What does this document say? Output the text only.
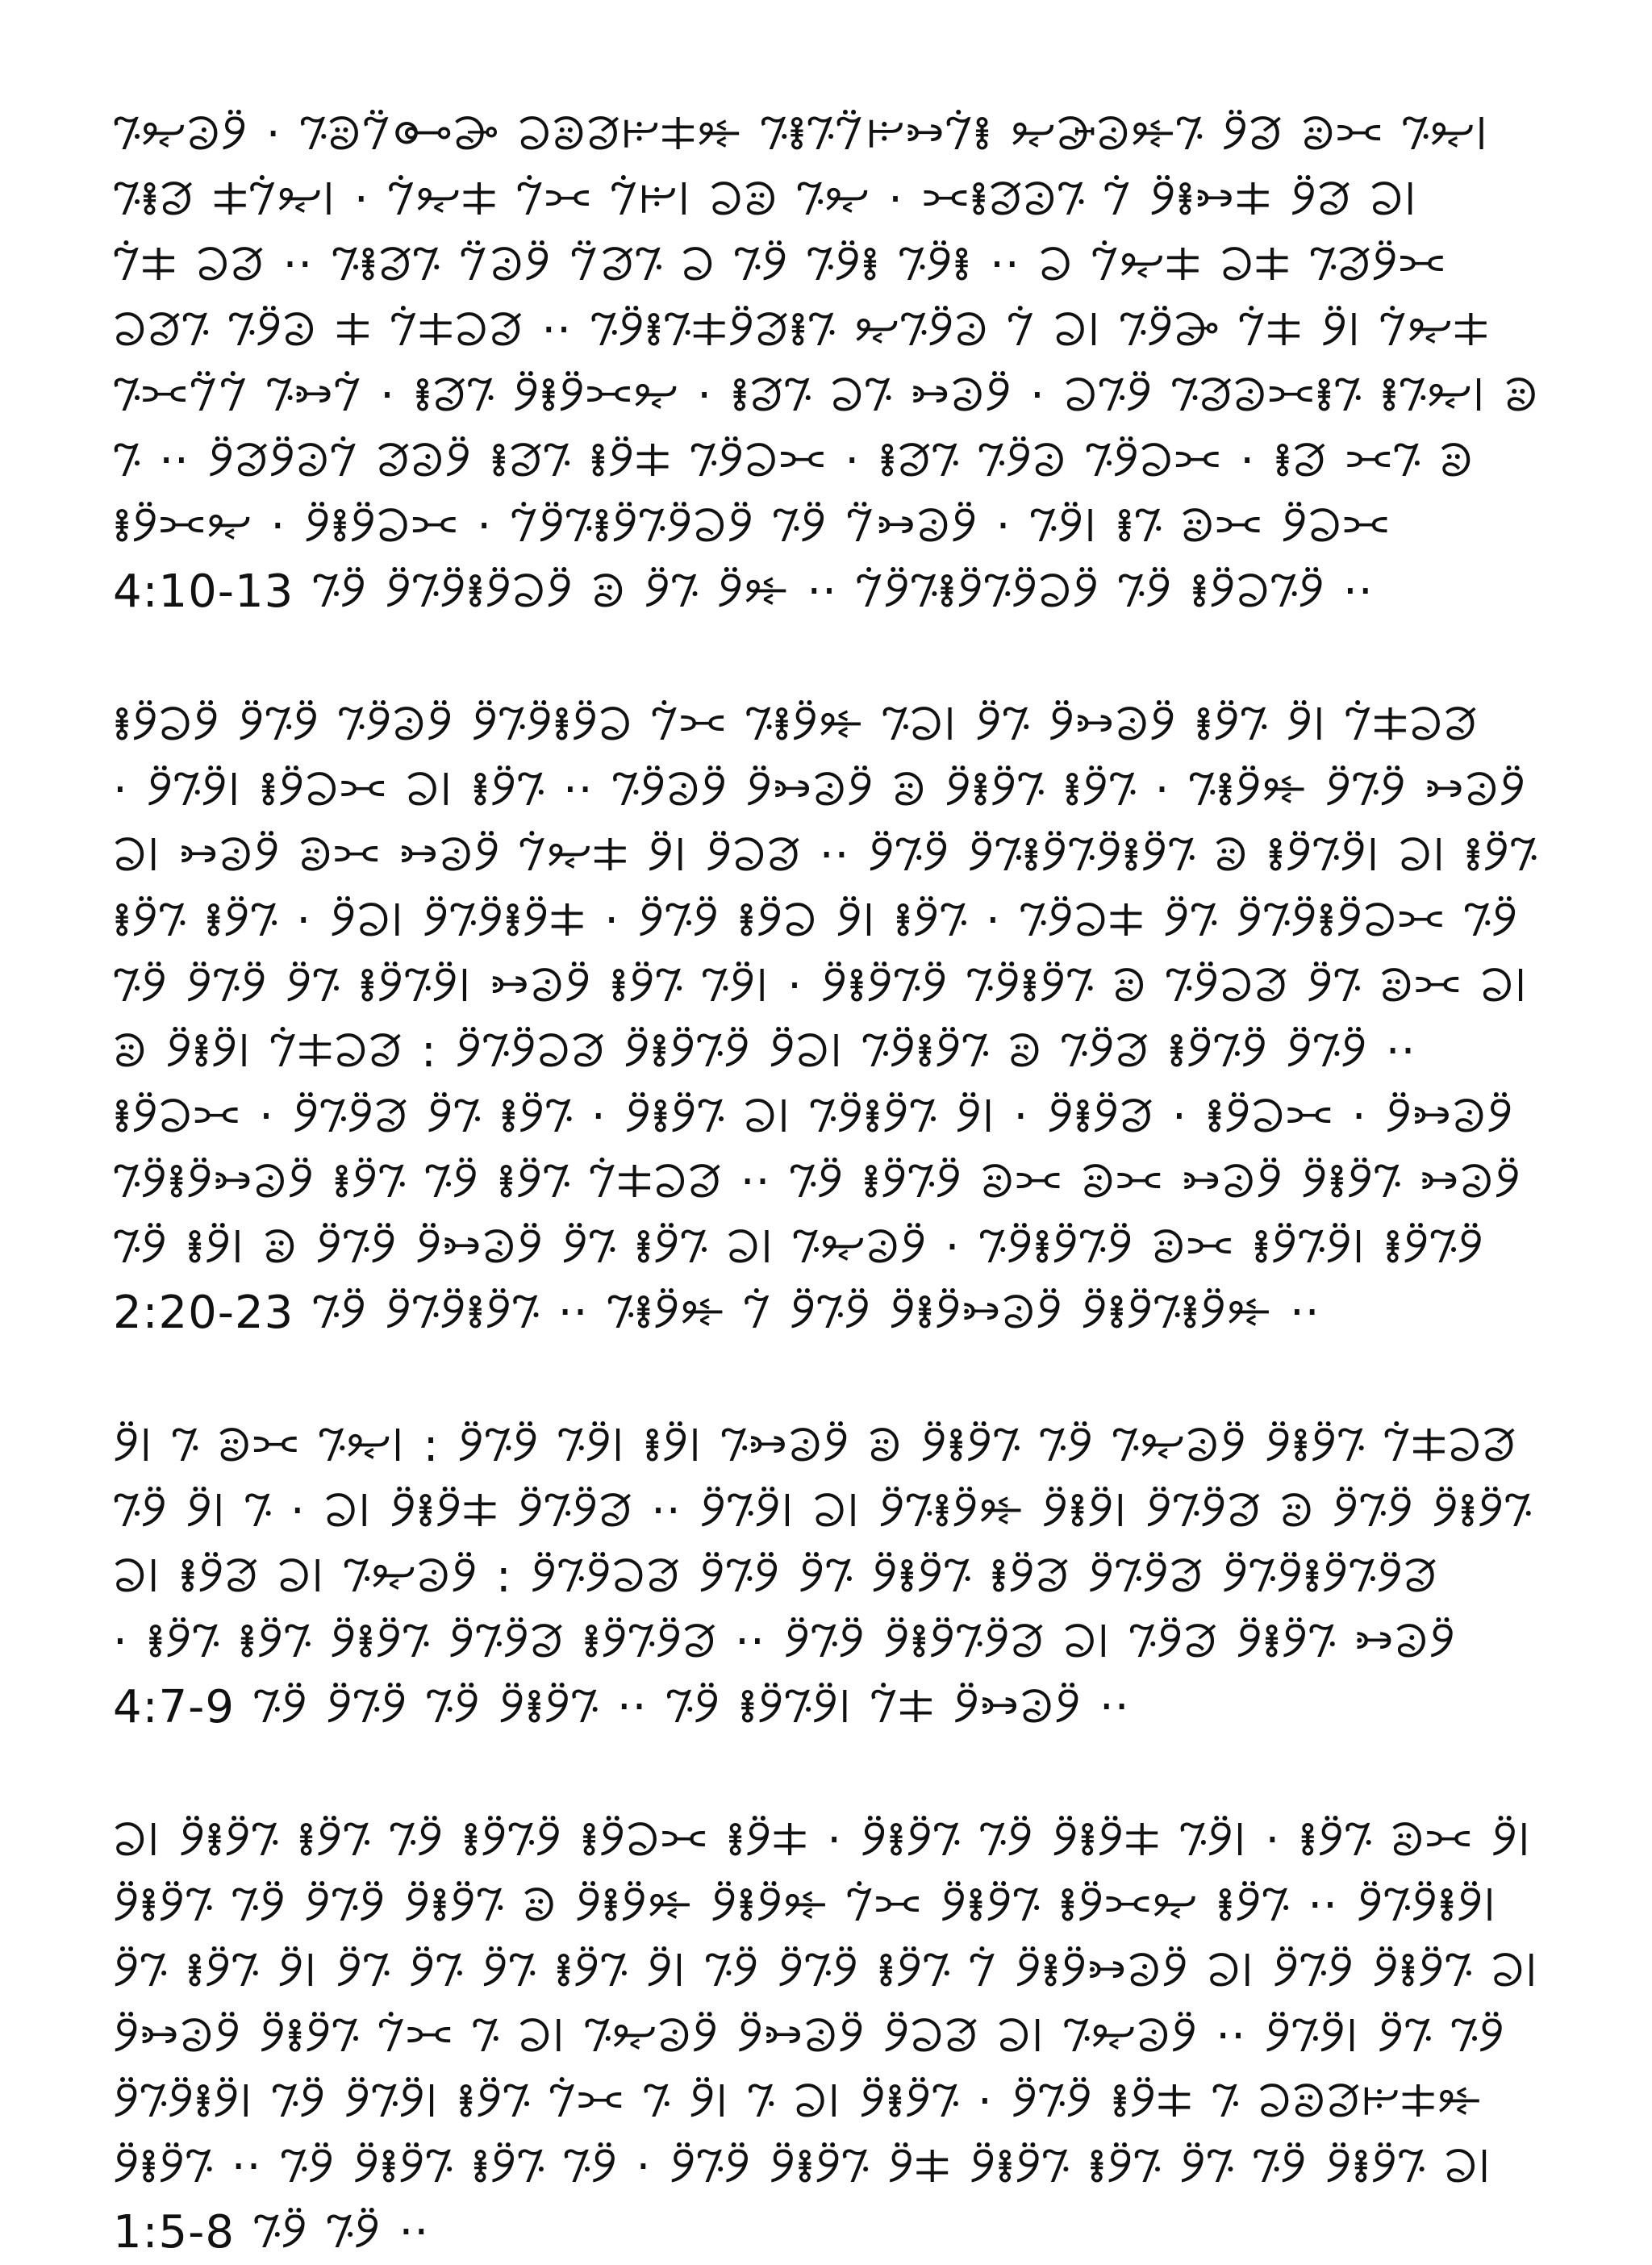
𞠢𞠌𞠃 𞠅𞠊 𞠎𞠆 𞠃𞠏𞠉𞠒𞠌 𞠇𞠁𞠄𞠋𞠂𞠃𞠇𞠃 𞠏𞠍𞠋𞠎𞠊𞠈 𞠐𞠑𞠂𞠊𞠃 · 𞠆𞠉𞠌𞠃 𞠢𞠈 𞠎𞠆 𞠍𞠄𞠇𞠆 𞠁 𞠃𞠉𞠎𞠇𞠅 · 𞠌𞠃 𞠊𞠈 𞠢𞠋𞠁 𞠅𞠁 𞠍𞠌𞠁 · 𞠢𞠌𞠁𞠍 𞠎𞠇𞠃 𞠅𞠆𞠎𞠃 𞠍𞠈 𞠍𞠌𞠁 𞠈 ·· 𞠇𞠆𞠃 𞠇𞠆𞠃 𞠆𞠃 𞠈 𞠃𞠎𞠂 𞠆𞠉𞠂 𞠃𞠎𞠇𞠃 ·· 𞠎𞠈 𞠍𞠁 𞠍𞠌𞠁 𞠢𞠆 𞠍𞠁 𞠐𞠆𞠃 𞠢𞠈 𞠁 𞠉𞠆𞠃𞠌 𞠃𞠇𞠎𞠆𞠍𞠃𞠇𞠆𞠃 ·· 𞠎𞠈𞠍𞠁 𞠍 𞠉𞠆𞠃 𞠃𞠎𞠈 𞠊 𞠢𞠌𞠃𞠇 𞠃𞠇𞠅𞠉𞠎𞠃 𞠆𞠃𞠈 · 𞠆𞠉𞠄 𞠃𞠈 𞠃𞠎𞠇 · 𞠌𞠅𞠆𞠇𞠆 𞠃𞠎𞠇 · 𞠁𞠄𞠃 𞠁𞠂𞠅𞠃 𞠊 𞠃𞠅 𞠎𞠇 · 𞠅𞠈𞠆𞠃 𞠉𞠆𞠃 𞠃𞠎𞠇 · 𞠅𞠈𞠆𞠃 𞠍𞠆𞠇 𞠃𞠎𞠇 𞠆𞠉𞠎 𞠁𞠉𞠆𞠎𞠆 ·· 𞠃 𞠅𞠈𞠆 𞠅𞠊 𞠃𞠇 𞠢𞠆𞠃 · 𞠆𞠉𞠄𞠂 𞠆𞠃 𞠆𞠈𞠆𞠃𞠆𞠇𞠃𞠆𞠁 · 𞠅𞠈𞠆𞠇𞠆 · 𞠌𞠅𞠆𞠇 𞠆𞠃𞠈𞠆𞠇 𞠆𞠃 𞠆𞠈𞠆𞠃𞠆𞠇𞠃𞠆𞠁 ·· 𞠏𞠆 𞠃𞠆 𞠊 𞠆𞠈𞠆𞠇𞠆𞠃𞠆 𞠆𞠃 4:10-13 ··

𞠎𞠈𞠍𞠁 𞠢𞠆 𞠃𞠆𞠇 𞠆𞠉𞠄𞠆 𞠃𞠆 𞠢𞠈𞠃 𞠏𞠆𞠇𞠃 𞠅𞠁 𞠈𞠆𞠇𞠆𞠃𞠆 𞠆𞠉𞠆𞠃 𞠆𞠃𞠆 𞠆𞠈𞠆𞠇 𞠆𞠉𞠄 𞠆𞠃𞠆 𞠏𞠆𞠇𞠃 · 𞠃𞠆𞠇 𞠃𞠆𞠇𞠆 𞠊 𞠆𞠉𞠄𞠆 𞠆𞠉𞠆𞠃 ·· 𞠃𞠆𞠇 𞠢𞠈 𞠅𞠈𞠆𞠇 𞠢𞠆𞠃𞠆 · 𞠃𞠆𞠇 𞠢𞠈 𞠢𞠆𞠃𞠆𞠇 𞠊 𞠃𞠆𞠇𞠆𞠃𞠆𞠇𞠃𞠆 𞠆𞠃𞠆 ·· 𞠎𞠈𞠆 𞠢𞠆 𞠍𞠌𞠁 𞠆𞠉𞠄 𞠅𞠊 𞠆𞠉𞠄 𞠢𞠈 𞠆𞠃 𞠅𞠈𞠆𞠇𞠆𞠃𞠆 𞠃𞠆 𞠍𞠈𞠆𞠃 · 𞠃𞠆𞠇 𞠢𞠆 𞠈𞠆𞠇 𞠆𞠃𞠆 · 𞠍𞠆𞠇𞠆𞠃𞠆 𞠢𞠈𞠆 · 𞠃𞠆𞠇 𞠃𞠆𞠇 𞠢𞠈 𞠅𞠊 𞠃𞠆 𞠎𞠈𞠆𞠃 𞠊 𞠃𞠆𞠇𞠆𞠃 𞠆𞠃𞠆𞠇𞠆 · 𞠢𞠆𞠃 𞠃𞠆𞠇 𞠆𞠉𞠄 𞠢𞠆𞠃𞠆𞠇 𞠃𞠆 𞠆𞠃𞠆 𞠆𞠃 ·· 𞠆𞠃𞠆 𞠆𞠃𞠆𞠇 𞠎𞠆𞠃 𞠊 𞠃𞠆𞠇𞠆𞠃 𞠢𞠈𞠆 𞠆𞠃𞠆𞠇𞠆 𞠎𞠈𞠆𞠃𞠆 : 𞠎𞠈𞠍𞠁 𞠢𞠆𞠇𞠆 𞠊 𞠆𞠉𞠄𞠆 · 𞠅𞠈𞠆𞠇 · 𞠎𞠆𞠇𞠆 · 𞠢𞠆 𞠃𞠆𞠇𞠆𞠃 𞠢𞠈 𞠃𞠆𞠇𞠆 · 𞠃𞠆𞠇 𞠃𞠆 𞠎𞠆𞠃𞠆 · 𞠅𞠈𞠆𞠇 𞠆𞠉𞠄 𞠃𞠆𞠇𞠆 𞠆𞠉𞠄 𞠅𞠊 𞠅𞠊 𞠆𞠃𞠆𞠇 𞠆𞠃 ·· 𞠎𞠈𞠍𞠁 𞠃𞠆𞠇 𞠆𞠃 𞠃𞠆𞠇 𞠆𞠉𞠄𞠆𞠇𞠆𞠃 𞠆𞠃𞠆𞠇 𞠢𞠆𞠃𞠆𞠇 𞠅𞠊 𞠆𞠃𞠆𞠇𞠆𞠃 · 𞠆𞠉𞠌𞠃 𞠢𞠈 𞠃𞠆𞠇 𞠃𞠆 𞠆𞠉𞠄𞠆 𞠆𞠃𞠆 𞠊 𞠢𞠆𞠇 𞠆𞠃 𞠏𞠆𞠇𞠃𞠆𞠇𞠆 𞠆𞠉𞠄𞠆𞠇𞠆 𞠆𞠃𞠆 𞠁 𞠏𞠆𞠇𞠃 ·· 𞠃𞠆𞠇𞠆𞠃𞠆 𞠆𞠃 2:20-23 ··

𞠎𞠈𞠍𞠁 𞠃𞠆𞠇𞠆 𞠆𞠉𞠌𞠃 𞠆𞠃 𞠃𞠆𞠇𞠆 𞠊 𞠆𞠉𞠄𞠃 𞠢𞠆𞠇 𞠢𞠆𞠃 𞠆𞠃𞠆 : 𞠢𞠌𞠃 𞠅𞠊 𞠃 𞠢𞠆 𞠃𞠆𞠇𞠆 𞠆𞠃𞠆 𞠊 𞠎𞠆𞠃𞠆 𞠢𞠆𞠇𞠆 𞠏𞠆𞠇𞠃𞠆 𞠢𞠈 𞠢𞠆𞠃𞠆 ·· 𞠎𞠆𞠃𞠆 𞠍𞠆𞠇𞠆 𞠢𞠈 · 𞠃 𞠢𞠆 𞠆𞠃 𞠎𞠆𞠃𞠆𞠇𞠆𞠃𞠆 𞠎𞠆𞠃𞠆 𞠎𞠆𞠇 𞠃𞠆𞠇𞠆 𞠃𞠆 𞠆𞠃𞠆 𞠎𞠈𞠆𞠃𞠆 : 𞠆𞠉𞠌𞠃 𞠢𞠈 𞠎𞠆𞠇 𞠢𞠈 𞠆𞠉𞠄 𞠃𞠆𞠇𞠆 𞠎𞠆𞠃 𞠢𞠈 𞠎𞠆𞠃𞠆𞠇𞠆 𞠆𞠃𞠆 ·· 𞠎𞠆𞠃𞠆𞠇 𞠎𞠆𞠃𞠆 𞠃𞠆𞠇𞠆 𞠃𞠆𞠇 𞠃𞠆𞠇 · 𞠆𞠉𞠄𞠆 𞠍𞠁 𞠢𞠆𞠃𞠆𞠇 𞠆𞠃 ·· 𞠃𞠆𞠇𞠆 𞠆𞠃 𞠆𞠃𞠆 𞠆𞠃 4:7-9 ··

𞠢𞠆 𞠅𞠊 𞠃𞠆𞠇 · 𞠢𞠆𞠃 𞠍𞠆𞠇𞠆 𞠆𞠃 𞠃𞠆𞠇𞠆 · 𞠍𞠆𞠇 𞠅𞠈𞠆𞠇 𞠆𞠃𞠆𞠇 𞠆𞠃 𞠃𞠆𞠇 𞠃𞠆𞠇𞠆 𞠢𞠈 𞠢𞠆𞠇𞠆𞠃𞠆 ·· 𞠃𞠆𞠇 𞠌𞠅𞠆𞠇 𞠃𞠆𞠇𞠆 𞠅𞠁 𞠏𞠆𞠇𞠆 𞠏𞠆𞠇𞠆 𞠊 𞠃𞠆𞠇𞠆 𞠆𞠃𞠆 𞠆𞠃 𞠃𞠆𞠇𞠆 𞠢𞠈 𞠃𞠆𞠇𞠆 𞠆𞠃𞠆 𞠢𞠈 𞠆𞠉𞠄𞠆𞠇𞠆 𞠁 𞠃𞠆𞠇 𞠆𞠃𞠆 𞠆𞠃 𞠢𞠆 𞠃𞠆𞠇 𞠃𞠆 𞠃𞠆 𞠃𞠆 𞠢𞠆 𞠃𞠆𞠇 𞠃𞠆 𞠆𞠃 𞠃𞠆 𞠢𞠆𞠃𞠆 ·· 𞠆𞠉𞠌𞠃 𞠢𞠈 𞠎𞠈𞠆 𞠆𞠉𞠄𞠆 𞠆𞠉𞠌𞠃 𞠢𞠈 𞠃 𞠅𞠁 𞠃𞠆𞠇𞠆 𞠆𞠉𞠄𞠆 𞠏𞠍𞠋𞠎𞠊𞠈 𞠃 𞠍𞠆𞠇 𞠆𞠃𞠆 · 𞠃𞠆𞠇𞠆 𞠢𞠈 𞠃 𞠢𞠆 𞠃 𞠅𞠁 𞠃𞠆𞠇 𞠢𞠆𞠃𞠆 𞠆𞠃 𞠢𞠆𞠇𞠆𞠃𞠆 𞠢𞠈 𞠃𞠆𞠇𞠆 𞠆𞠃 𞠃𞠆 𞠃𞠆𞠇 𞠃𞠆𞠇𞠆 𞠍𞠆 𞠃𞠆𞠇𞠆 𞠆𞠃𞠆 · 𞠆𞠃 𞠃𞠆𞠇 𞠃𞠆𞠇𞠆 𞠆𞠃 ·· 𞠃𞠆𞠇𞠆 𞠆𞠃 𞠆𞠃 1:5-8 ··
